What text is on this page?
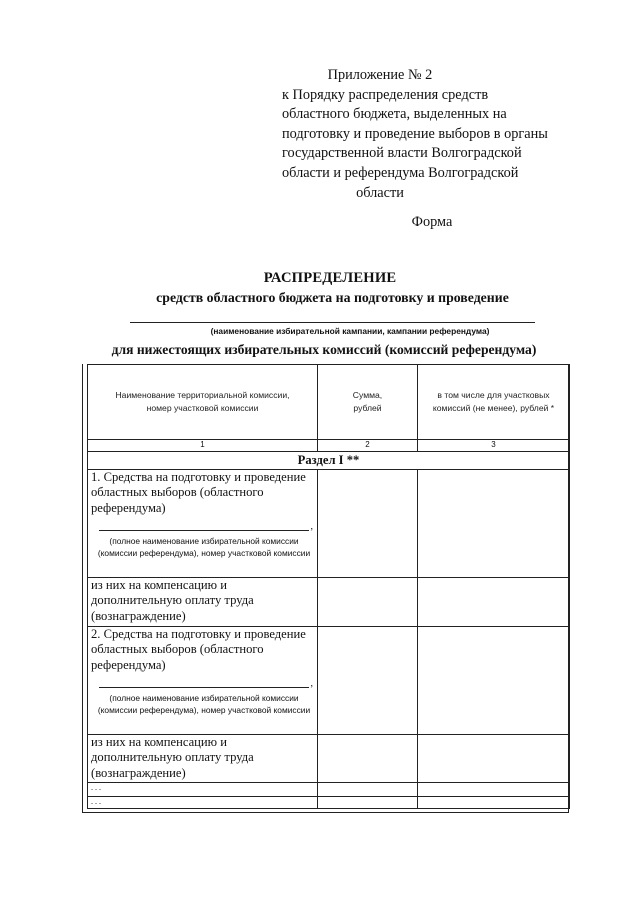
Приложение № 2
к Порядку распределения средств
областного бюджета, выделенных на
подготовку и проведение выборов в органы
государственной власти Волгоградской
области и референдума Волгоградской
области
Форма
РАСПРЕДЕЛЕНИЕ
средств областного бюджета на подготовку и проведение
(наименование избирательной кампании, кампании референдума)
для нижестоящих избирательных комиссий (комиссий референдума)
Наименование территориальной комиссии, номер участковой комиссии	Сумма, рублей	в том числе для участковых комиссий (не менее), рублей *
1	2	3
Раздел I **		

1. Средства на подготовку и проведение областных выборов (областного референдума)
,
(полное наименование избирательной комиссии (комиссии референдума), номер участковой комиссии		

из них на компенсацию и дополнительную оплату труда (вознаграждение)		

2. Средства на подготовку и проведение областных выборов (областного референдума)
,
(полное наименование избирательной комиссии (комиссии референдума), номер участковой комиссии		

из них на компенсацию и дополнительную оплату труда (вознаграждение)		
. . .		
. . .		
